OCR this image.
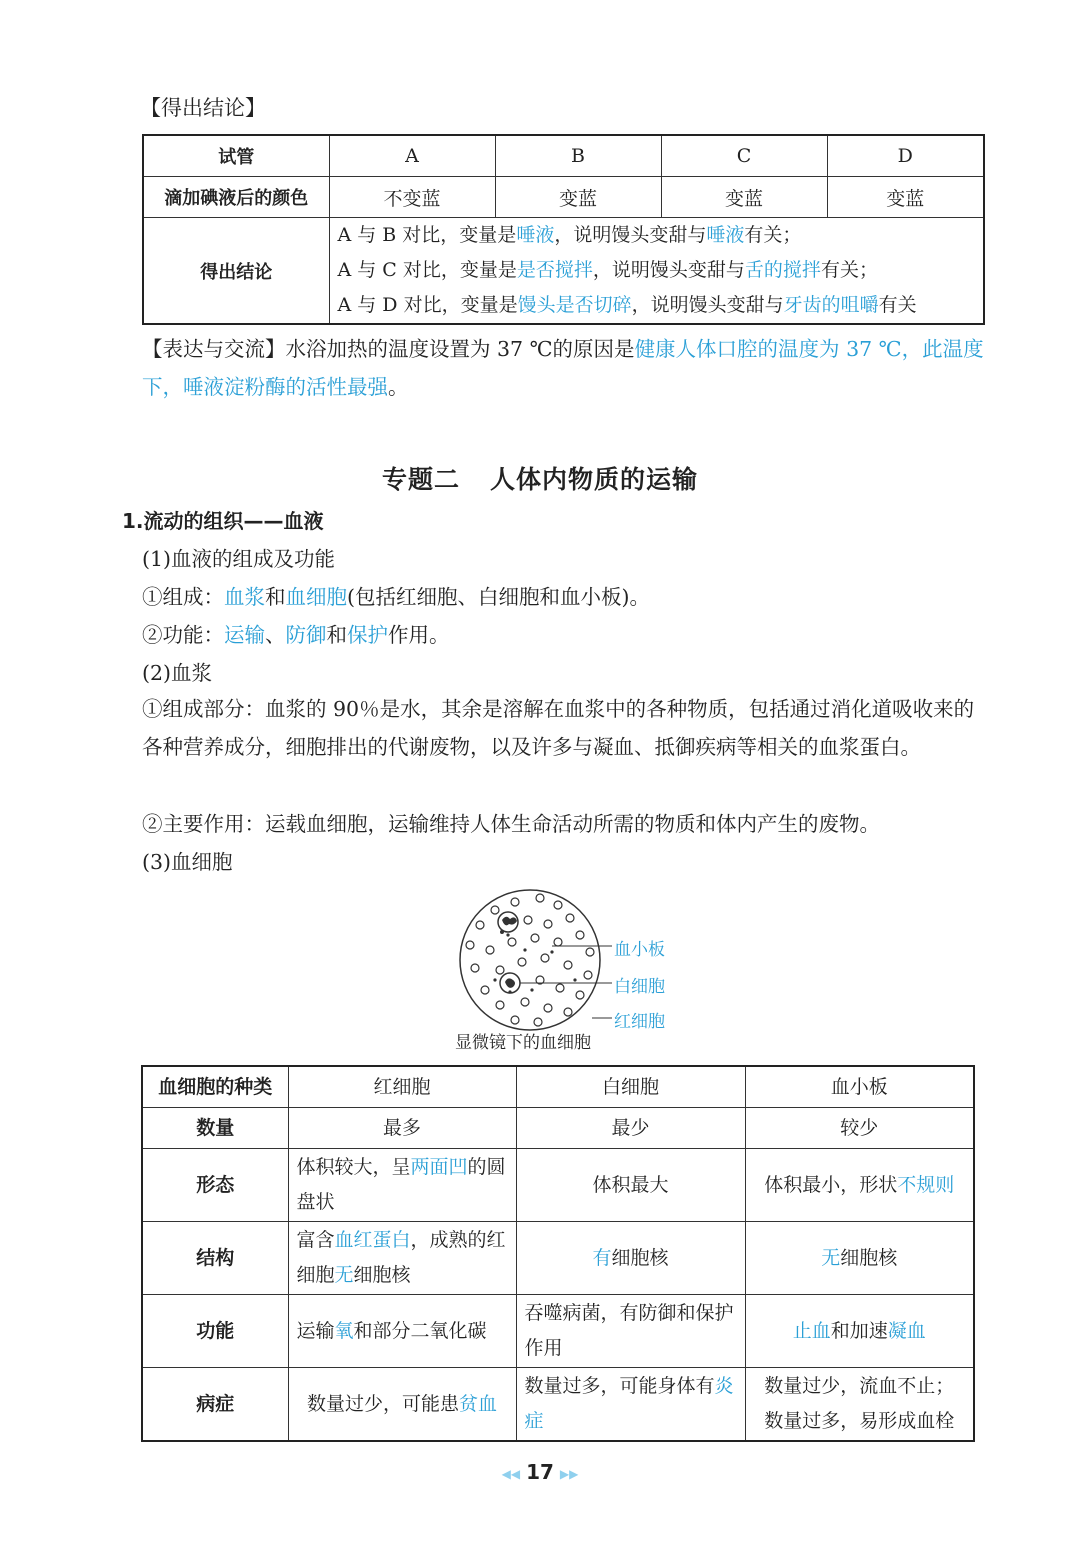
【得出结论】
试管	A	B	C	D
滴加碘液后的颜色	不变蓝	变蓝	变蓝	变蓝
得出结论	A 与 B 对比，变量是唾液，说明馒头变甜与唾液有关；
A 与 C 对比，变量是是否搅拌，说明馒头变甜与舌的搅拌有关；
A 与 D 对比，变量是馒头是否切碎，说明馒头变甜与牙齿的咀嚼有关			
【表达与交流】水浴加热的温度设置为 37 ℃的原因是健康人体口腔的温度为 37 ℃，此温度下，唾液淀粉酶的活性最强。
专题二 人体内物质的运输
1.流动的组织——血液
(1)血液的组成及功能
①组成：血浆和血细胞(包括红细胞、白细胞和血小板)。
②功能：运输、防御和保护作用。
(2)血浆
①组成部分：血浆的 90％是水，其余是溶解在血浆中的各种物质，包括通过消化道吸收来的各种营养成分，细胞排出的代谢废物，以及许多与凝血、抵御疾病等相关的血浆蛋白。
②主要作用：运载血细胞，运输维持人体生命活动所需的物质和体内产生的废物。
(3)血细胞
血小板
白细胞
红细胞
显微镜下的血细胞
血细胞的种类	红细胞	白细胞	血小板
数量	最多	最少	较少
形态	体积较大，呈两面凹的圆盘状	体积最大	体积最小，形状不规则
结构	富含血红蛋白，成熟的红细胞无细胞核	有细胞核	无细胞核
功能	运输氧和部分二氧化碳	吞噬病菌，有防御和保护作用	止血和加速凝血
病症	数量过少，可能患贫血	数量过多，可能身体有炎症	数量过少，流血不止；
数量过多，易形成血栓
◀◀ 17 ▶▶
